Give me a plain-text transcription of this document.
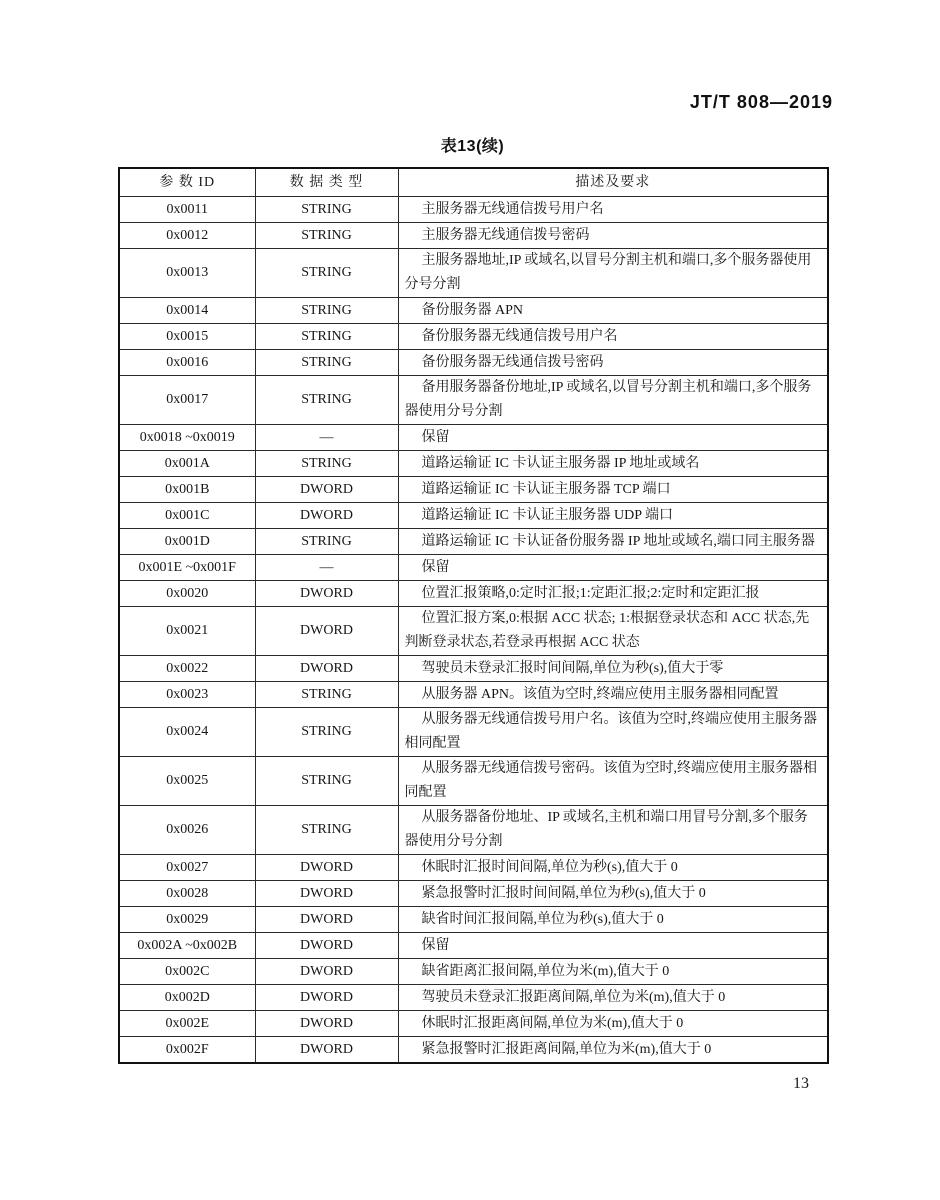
JT/T 808—2019
表13(续)
参 数 ID	数 据 类 型	描述及要求
0x0011	STRING	主服务器无线通信拨号用户名
0x0012	STRING	主服务器无线通信拨号密码
0x0013	STRING	主服务器地址,IP 或域名,以冒号分割主机和端口,多个服务器使用分号分割
0x0014	STRING	备份服务器 APN
0x0015	STRING	备份服务器无线通信拨号用户名
0x0016	STRING	备份服务器无线通信拨号密码
0x0017	STRING	备用服务器备份地址,IP 或域名,以冒号分割主机和端口,多个服务器使用分号分割
0x0018 ~0x0019	—	保留
0x001A	STRING	道路运输证 IC 卡认证主服务器 IP 地址或域名
0x001B	DWORD	道路运输证 IC 卡认证主服务器 TCP 端口
0x001C	DWORD	道路运输证 IC 卡认证主服务器 UDP 端口
0x001D	STRING	道路运输证 IC 卡认证备份服务器 IP 地址或域名,端口同主服务器
0x001E ~0x001F	—	保留
0x0020	DWORD	位置汇报策略,0:定时汇报;1:定距汇报;2:定时和定距汇报
0x0021	DWORD	位置汇报方案,0:根据 ACC 状态; 1:根据登录状态和 ACC 状态,先判断登录状态,若登录再根据 ACC 状态
0x0022	DWORD	驾驶员未登录汇报时间间隔,单位为秒(s),值大于零
0x0023	STRING	从服务器 APN。该值为空时,终端应使用主服务器相同配置
0x0024	STRING	从服务器无线通信拨号用户名。该值为空时,终端应使用主服务器相同配置
0x0025	STRING	从服务器无线通信拨号密码。该值为空时,终端应使用主服务器相同配置
0x0026	STRING	从服务器备份地址、IP 或域名,主机和端口用冒号分割,多个服务器使用分号分割
0x0027	DWORD	休眠时汇报时间间隔,单位为秒(s),值大于 0
0x0028	DWORD	紧急报警时汇报时间间隔,单位为秒(s),值大于 0
0x0029	DWORD	缺省时间汇报间隔,单位为秒(s),值大于 0
0x002A ~0x002B	DWORD	保留
0x002C	DWORD	缺省距离汇报间隔,单位为米(m),值大于 0
0x002D	DWORD	驾驶员未登录汇报距离间隔,单位为米(m),值大于 0
0x002E	DWORD	休眠时汇报距离间隔,单位为米(m),值大于 0
0x002F	DWORD	紧急报警时汇报距离间隔,单位为米(m),值大于 0
13
